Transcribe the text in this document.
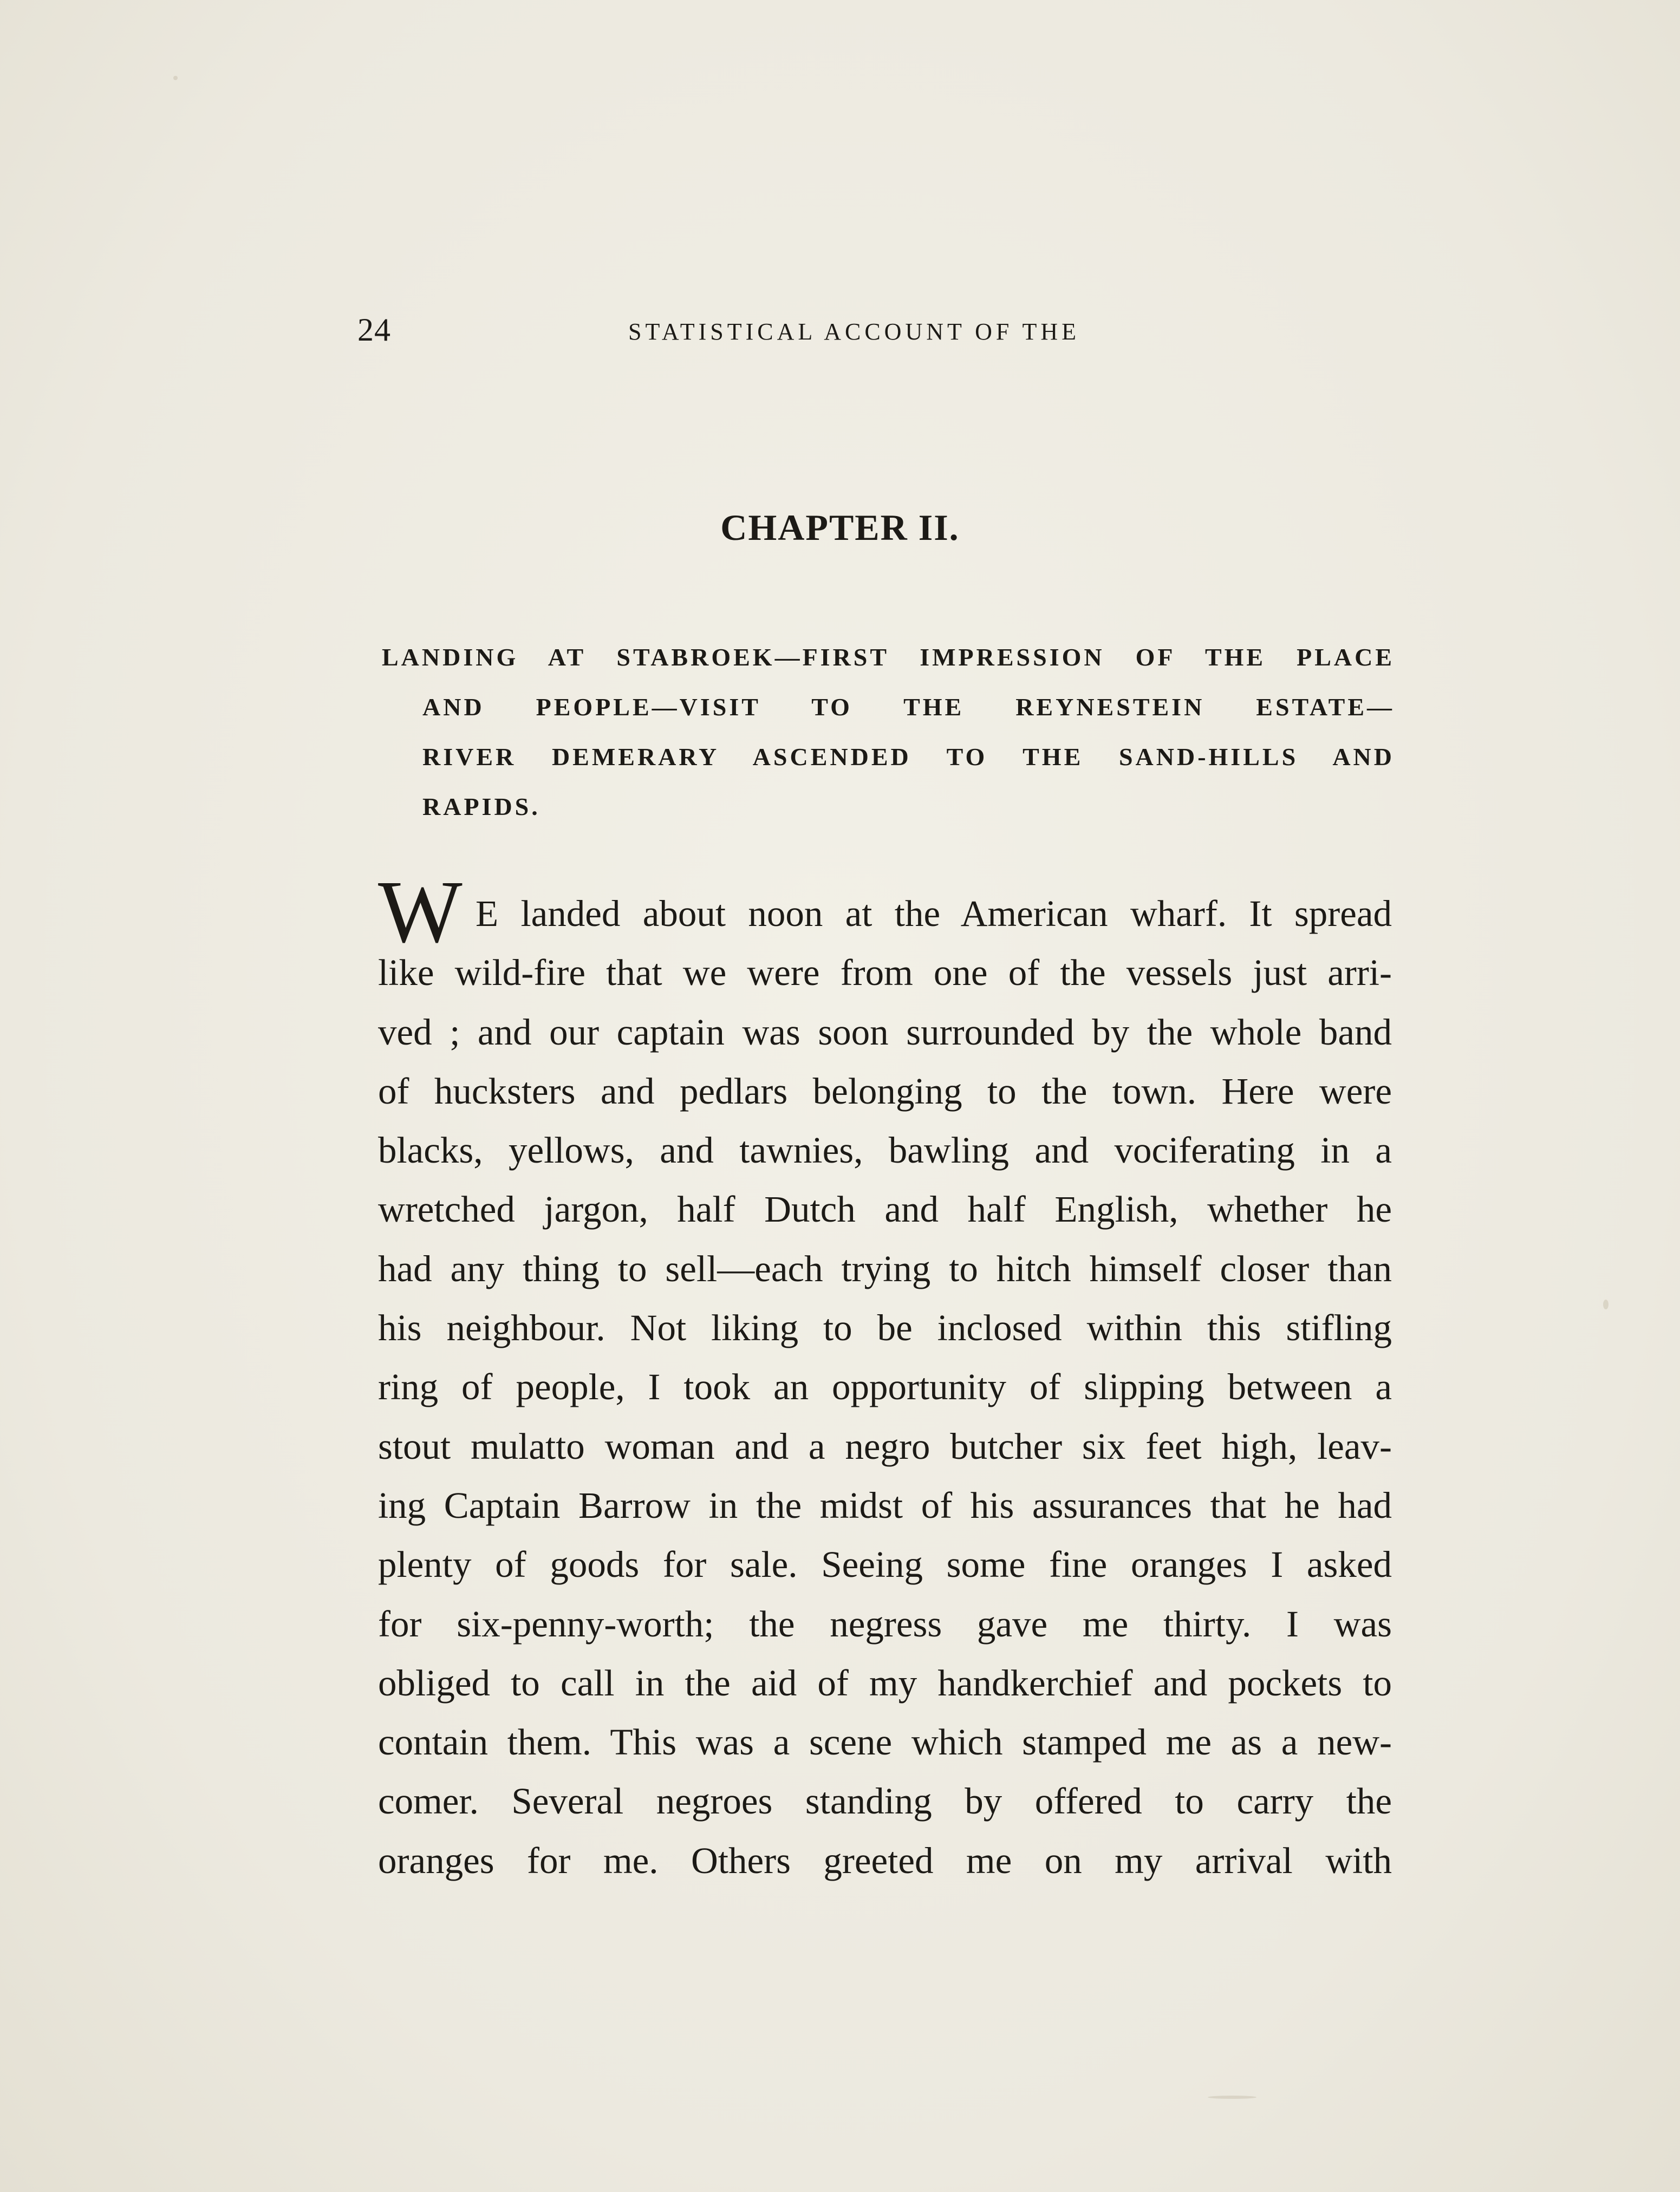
24	STATISTICAL ACCOUNT OF THE
CHAPTER II.
LANDING AT STABROEK—FIRST IMPRESSION OF THE PLACE
AND PEOPLE—VISIT TO THE REYNESTEIN ESTATE—
RIVER DEMERARY ASCENDED TO THE SAND-HILLS AND
RAPIDS.
W E landed about noon at the American wharf. It spread
like wild-fire that we were from one of the vessels just arri-
ved ; and our captain was soon surrounded by the whole band
of hucksters and pedlars belonging to the town. Here were
blacks, yellows, and tawnies, bawling and vociferating in a
wretched jargon, half Dutch and half English, whether he
had any thing to sell—each trying to hitch himself closer than
his neighbour. Not liking to be inclosed within this stifling
ring of people, I took an opportunity of slipping between a
stout mulatto woman and a negro butcher six feet high, leav-
ing Captain Barrow in the midst of his assurances that he had
plenty of goods for sale. Seeing some fine oranges I asked
for six-penny-worth; the negress gave me thirty. I was
obliged to call in the aid of my handkerchief and pockets to
contain them. This was a scene which stamped me as a new-
comer. Several negroes standing by offered to carry the
oranges for me. Others greeted me on my arrival with
